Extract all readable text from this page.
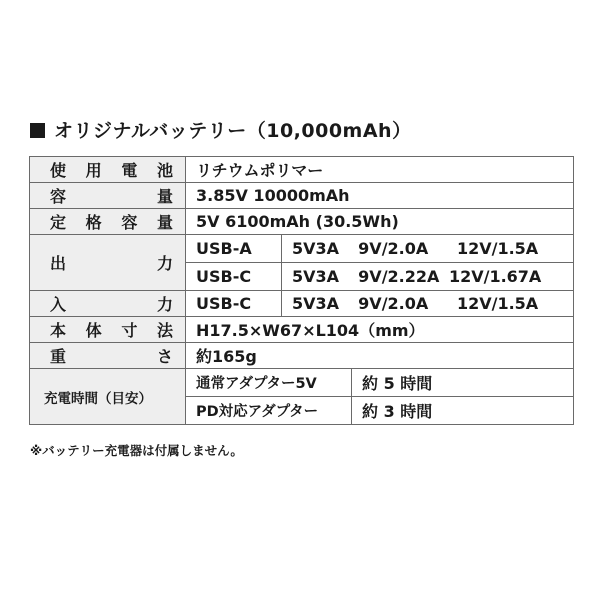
オリジナルバッテリー（10,000mAh）
使 用 電 池	リチウムポリマー		

容 量	3.85V 10000mAh		

定 格 容 量	5V 6100mAh (30.5Wh)		

出 力	USB-A	5V3A  9V/2.0A   12V/1.5A	
	USB-C	5V3A  9V/2.22A 12V/1.67A	

入 力	USB-C	5V3A  9V/2.0A   12V/1.5A	

本 体 寸 法	H17.5×W67×L104（mm）		

重 さ	約165g		
充電時間（目安）	通常アダプター5V		約 5 時間
	PD対応アダプター		約 3 時間
※バッテリー充電器は付属しません。
